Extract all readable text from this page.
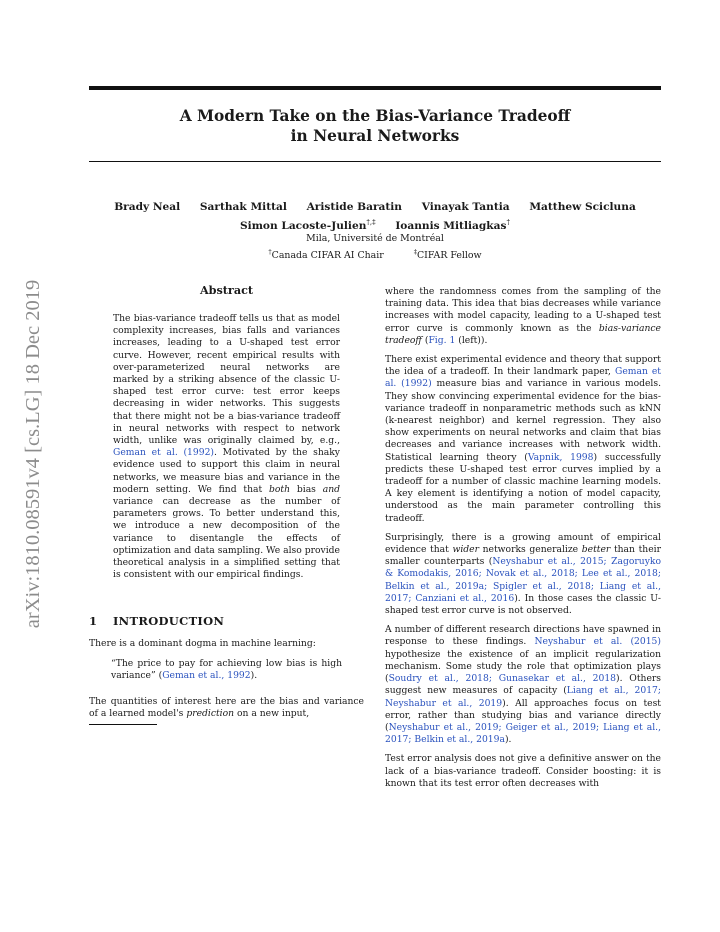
arXiv:1810.08591v4 [cs.LG] 18 Dec 2019
A Modern Take on the Bias-Variance Tradeoff
in Neural Networks
Brady Neal Sarthak Mittal Aristide Baratin Vinayak Tantia Matthew Scicluna
Simon Lacoste-Julien†,‡ Ioannis Mitliagkas†
Mila, Université de Montréal
†Canada CIFAR AI Chair	‡CIFAR Fellow
Abstract

The bias-variance tradeoff tells us that as model complexity increases, bias falls and variances increases, leading to a U-shaped test error curve. However, recent empirical results with over-parameterized neural networks are marked by a striking absence of the classic U-shaped test error curve: test error keeps decreasing in wider networks. This suggests that there might not be a bias-variance tradeoff in neural networks with respect to network width, unlike was originally claimed by, e.g., Geman et al. (1992). Motivated by the shaky evidence used to support this claim in neural networks, we measure bias and variance in the modern setting. We find that both bias and variance can decrease as the number of parameters grows. To better understand this, we introduce a new decomposition of the variance to disentangle the effects of optimization and data sampling. We also provide theoretical analysis in a simplified setting that is consistent with our empirical findings.

1 INTRODUCTION

There is a dominant dogma in machine learning:

“The price to pay for achieving low bias is high variance” (Geman et al., 1992).

The quantities of interest here are the bias and variance of a learned model's prediction on a new input,

where the randomness comes from the sampling of the training data. This idea that bias decreases while variance increases with model capacity, leading to a U-shaped test error curve is commonly known as the bias-variance tradeoff (Fig. 1 (left)).

There exist experimental evidence and theory that support the idea of a tradeoff. In their landmark paper, Geman et al. (1992) measure bias and variance in various models. They show convincing experimental evidence for the bias-variance tradeoff in nonparametric methods such as kNN (k-nearest neighbor) and kernel regression. They also show experiments on neural networks and claim that bias decreases and variance increases with network width. Statistical learning theory (Vapnik, 1998) successfully predicts these U-shaped test error curves implied by a tradeoff for a number of classic machine learning models. A key element is identifying a notion of model capacity, understood as the main parameter controlling this tradeoff.

Surprisingly, there is a growing amount of empirical evidence that wider networks generalize better than their smaller counterparts (Neyshabur et al., 2015; Zagoruyko & Komodakis, 2016; Novak et al., 2018; Lee et al., 2018; Belkin et al., 2019a; Spigler et al., 2018; Liang et al., 2017; Canziani et al., 2016). In those cases the classic U-shaped test error curve is not observed.

A number of different research directions have spawned in response to these findings. Neyshabur et al. (2015) hypothesize the existence of an implicit regularization mechanism. Some study the role that optimization plays (Soudry et al., 2018; Gunasekar et al., 2018). Others suggest new measures of capacity (Liang et al., 2017; Neyshabur et al., 2019). All approaches focus on test error, rather than studying bias and variance directly (Neyshabur et al., 2019; Geiger et al., 2019; Liang et al., 2017; Belkin et al., 2019a).

Test error analysis does not give a definitive answer on the lack of a bias-variance tradeoff. Consider boosting: it is known that its test error often decreases with
